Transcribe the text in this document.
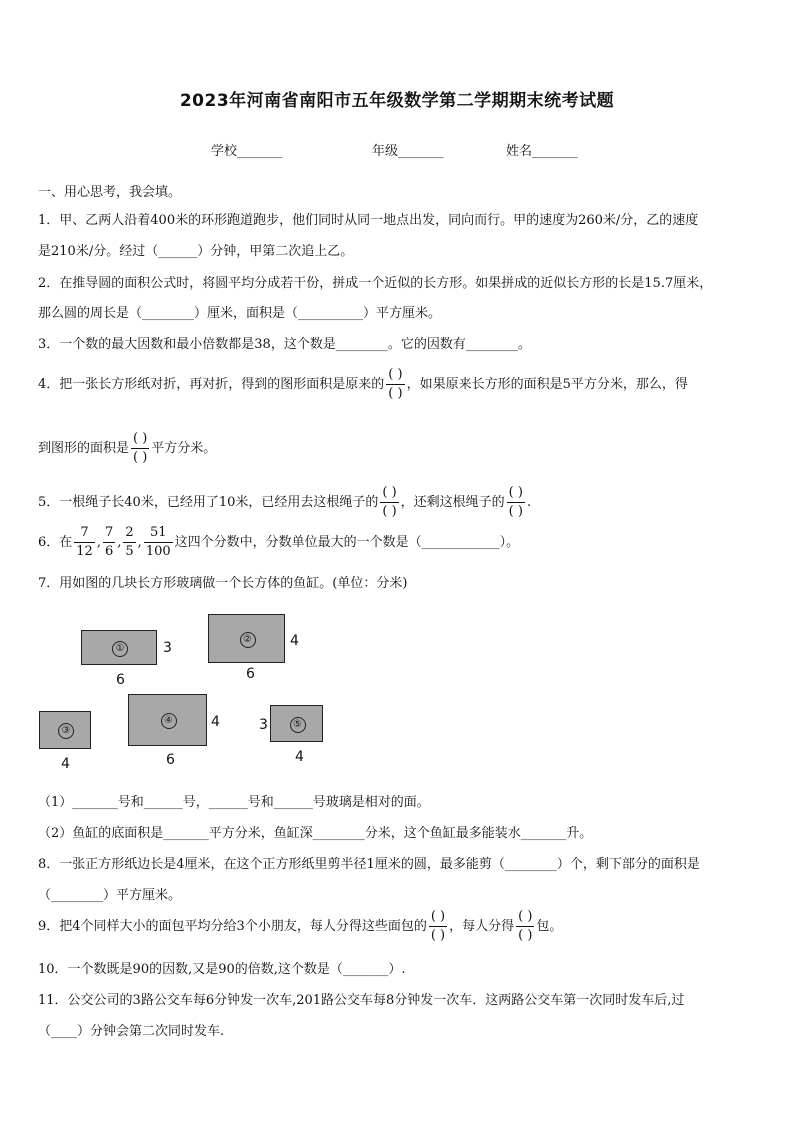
2023年河南省南阳市五年级数学第二学期期末统考试题
学校_______	年级_______	姓名_______
一、用心思考，我会填。
1．甲、乙两人沿着400米的环形跑道跑步，他们同时从同一地点出发，同向而行。甲的速度为260米/分，乙的速度
是210米/分。经过（______）分钟，甲第二次追上乙。
2．在推导圆的面积公式时，将圆平均分成若干份，拼成一个近似的长方形。如果拼成的近似长方形的长是15.7厘米，
那么圆的周长是（________）厘米，面积是（__________）平方厘米。
3．一个数的最大因数和最小倍数都是38，这个数是________。它的因数有________。
4．把一张长方形纸对折，再对折，得到的图形面积是原来的 $\frac{( )}{( )}$ ，如果原来长方形的面积是5平方分米，那么，得
到图形的面积是 $\frac{( )}{( )}$ 平方分米。
5．一根绳子长40米，已经用了10米，已经用去这根绳子的 $\frac{( )}{( )}$ ，还剩这根绳子的 $\frac{( )}{( )}$ .
6．在 $\frac{7}{12}$ , $\frac{7}{6}$ , $\frac{2}{5}$ , $\frac{51}{100}$ 这四个分数中，分数单位最大的一个数是（____________）。
7．用如图的几块长方形玻璃做一个长方体的鱼缸。(单位：分米)
①	3
6
②	4
6
③
4
④	4
6
⑤
3
4
（1）_______号和______号，______号和______号玻璃是相对的面。
（2）鱼缸的底面积是_______平方分米，鱼缸深________分米，这个鱼缸最多能装水_______升。
8．一张正方形纸边长是4厘米，在这个正方形纸里剪半径1厘米的圆，最多能剪（________）个，剩下部分的面积是
（________）平方厘米。
9．把4个同样大小的面包平均分给3个小朋友，每人分得这些面包的 $\frac{( )}{( )}$ ，每人分得 $\frac{( )}{( )}$ 包。
10．一个数既是90的因数,又是90的倍数,这个数是（_______）.
11．公交公司的3路公交车每6分钟发一次车,201路公交车每8分钟发一次车．这两路公交车第一次同时发车后,过
（____）分钟会第二次同时发车.
